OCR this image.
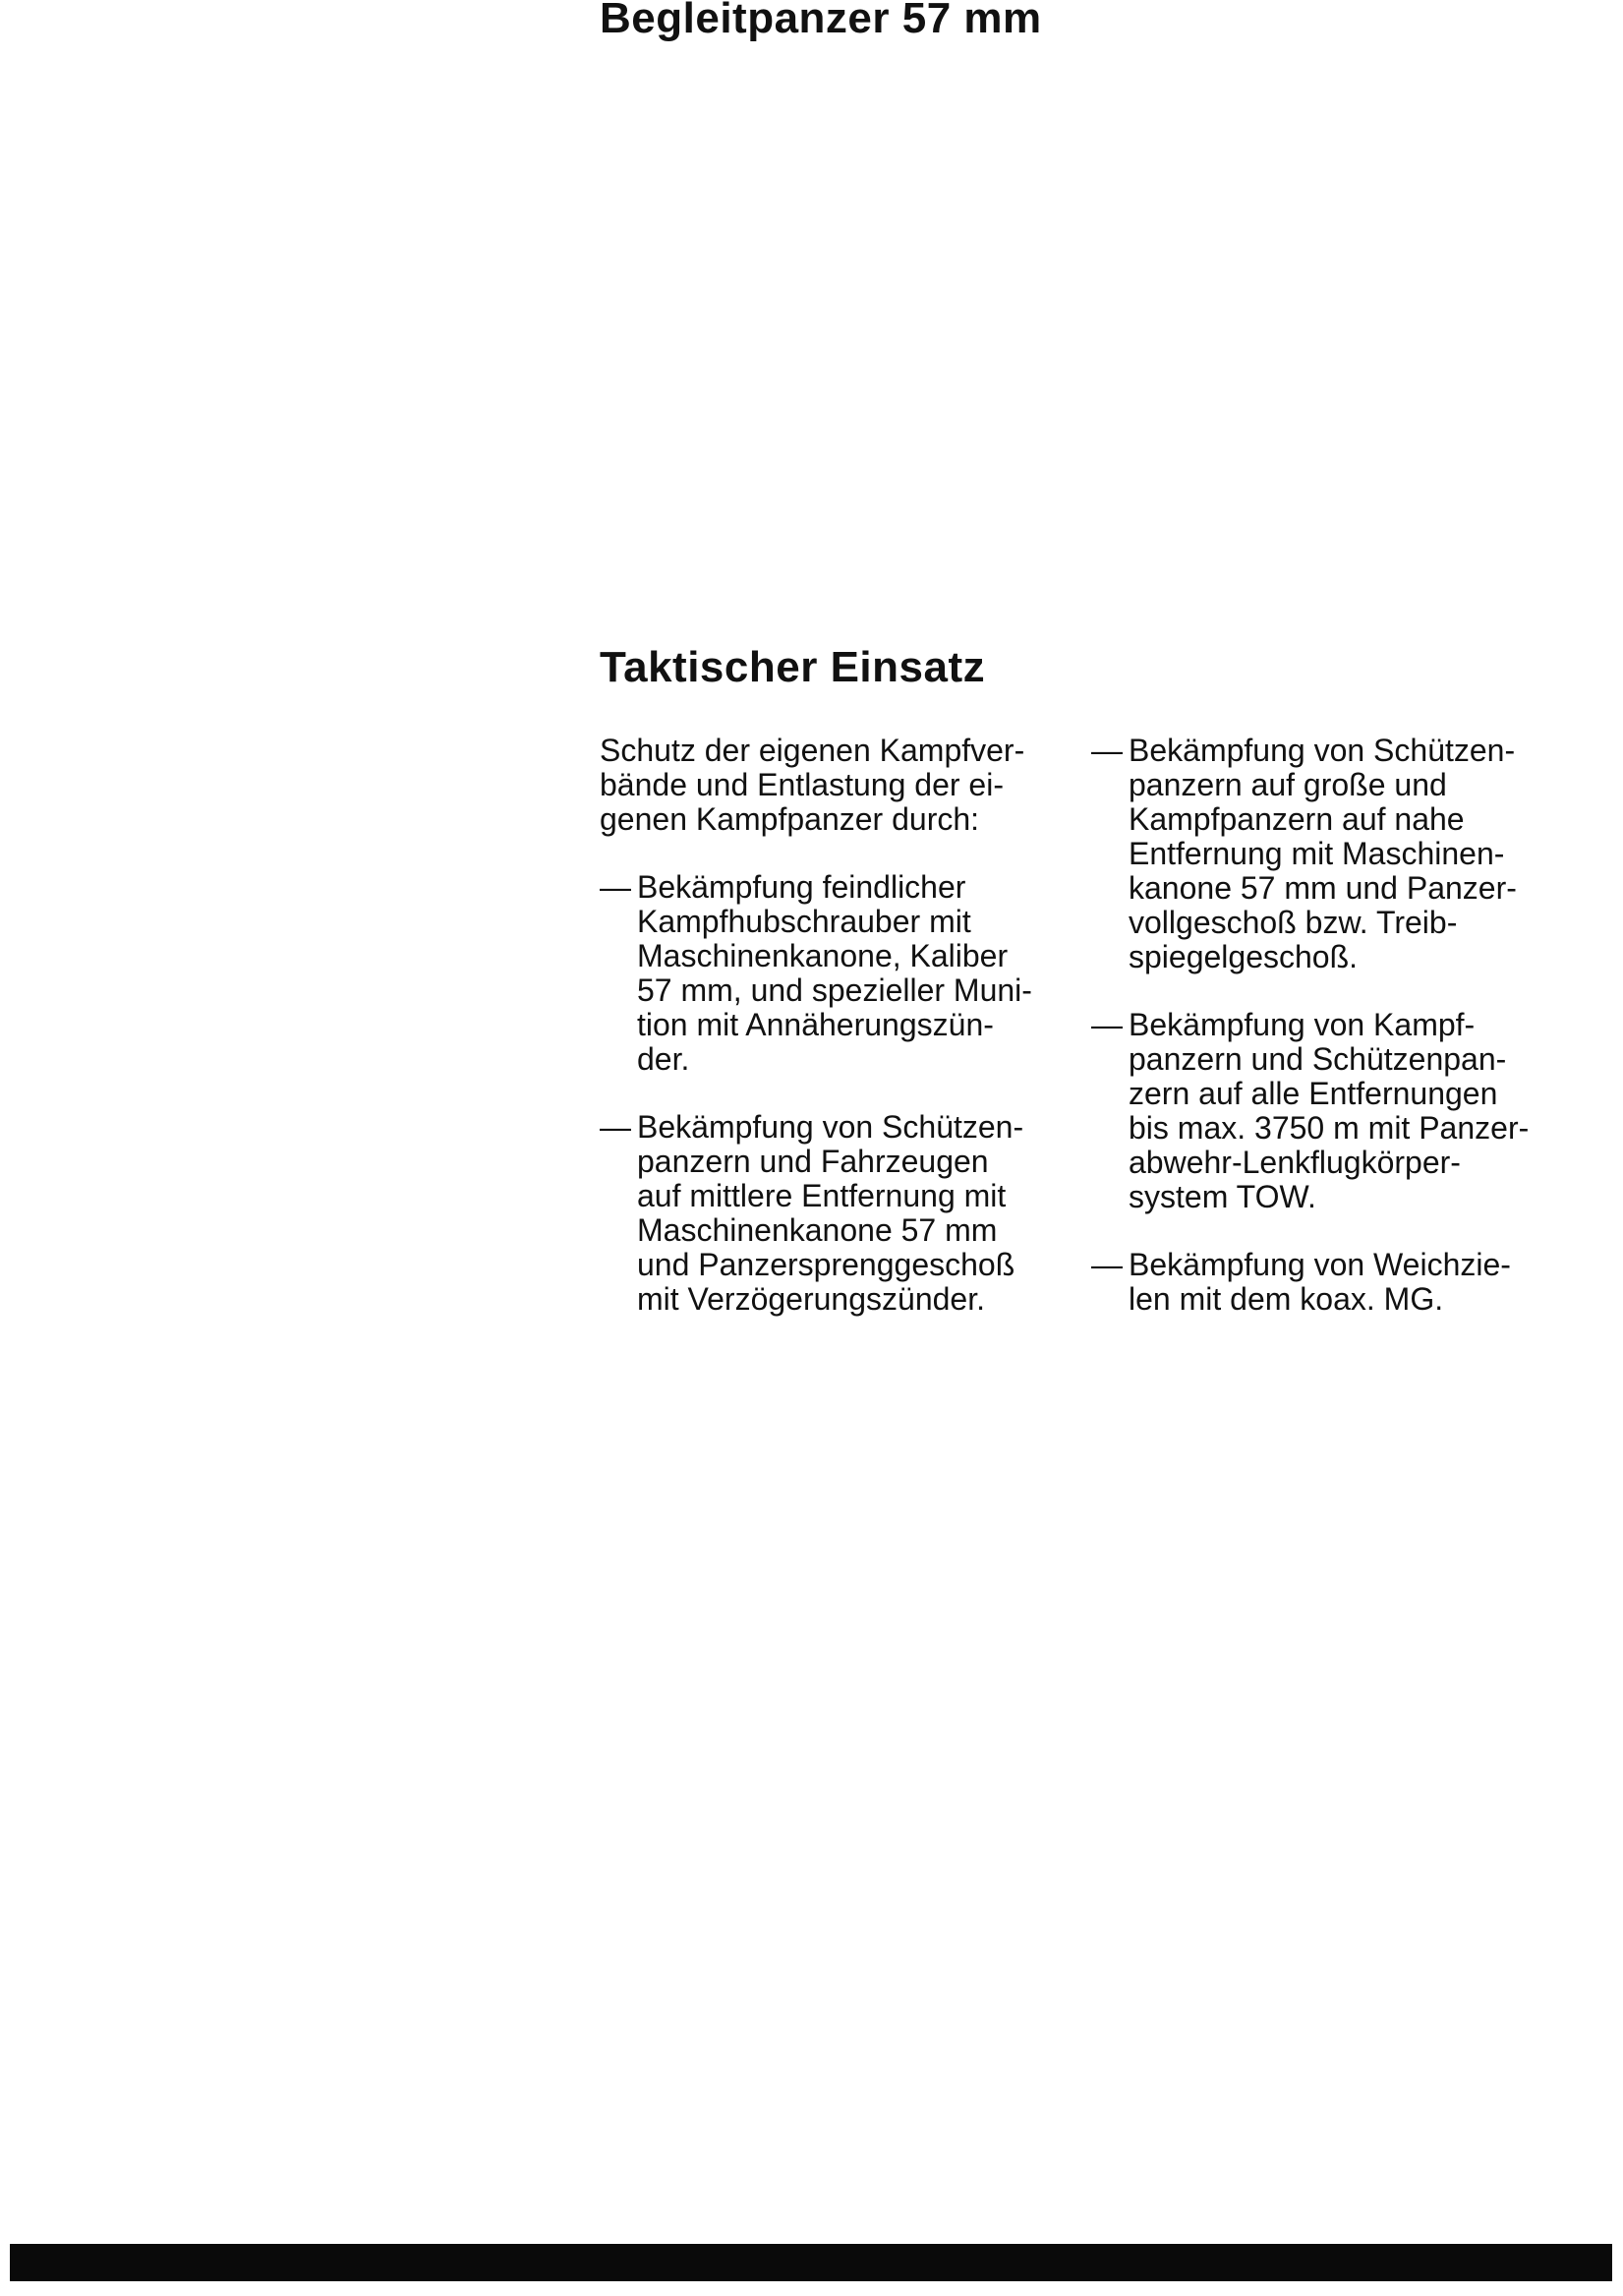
Begleitpanzer 57 mm
Taktischer Einsatz

Schutz der eigenen Kampfver-
bände und Entlastung der ei-
genen Kampfpanzer durch:

— Bekämpfung feindlicher
Kampfhubschrauber mit
Maschinenkanone, Kaliber
57 mm, und spezieller Muni-
tion mit Annäherungszün-
der.
— Bekämpfung von Schützen-
panzern und Fahrzeugen
auf mittlere Entfernung mit
Maschinenkanone 57 mm
und Panzersprenggeschoß
mit Verzögerungszünder.
— Bekämpfung von Schützen-
panzern auf große und
Kampfpanzern auf nahe
Entfernung mit Maschinen-
kanone 57 mm und Panzer-
vollgeschoß bzw. Treib-
spiegelgeschoß.
— Bekämpfung von Kampf-
panzern und Schützenpan-
zern auf alle Entfernungen
bis max. 3750 m mit Panzer-
abwehr-Lenkflugkörper-
system TOW.
— Bekämpfung von Weichzie-
len mit dem koax. MG.
